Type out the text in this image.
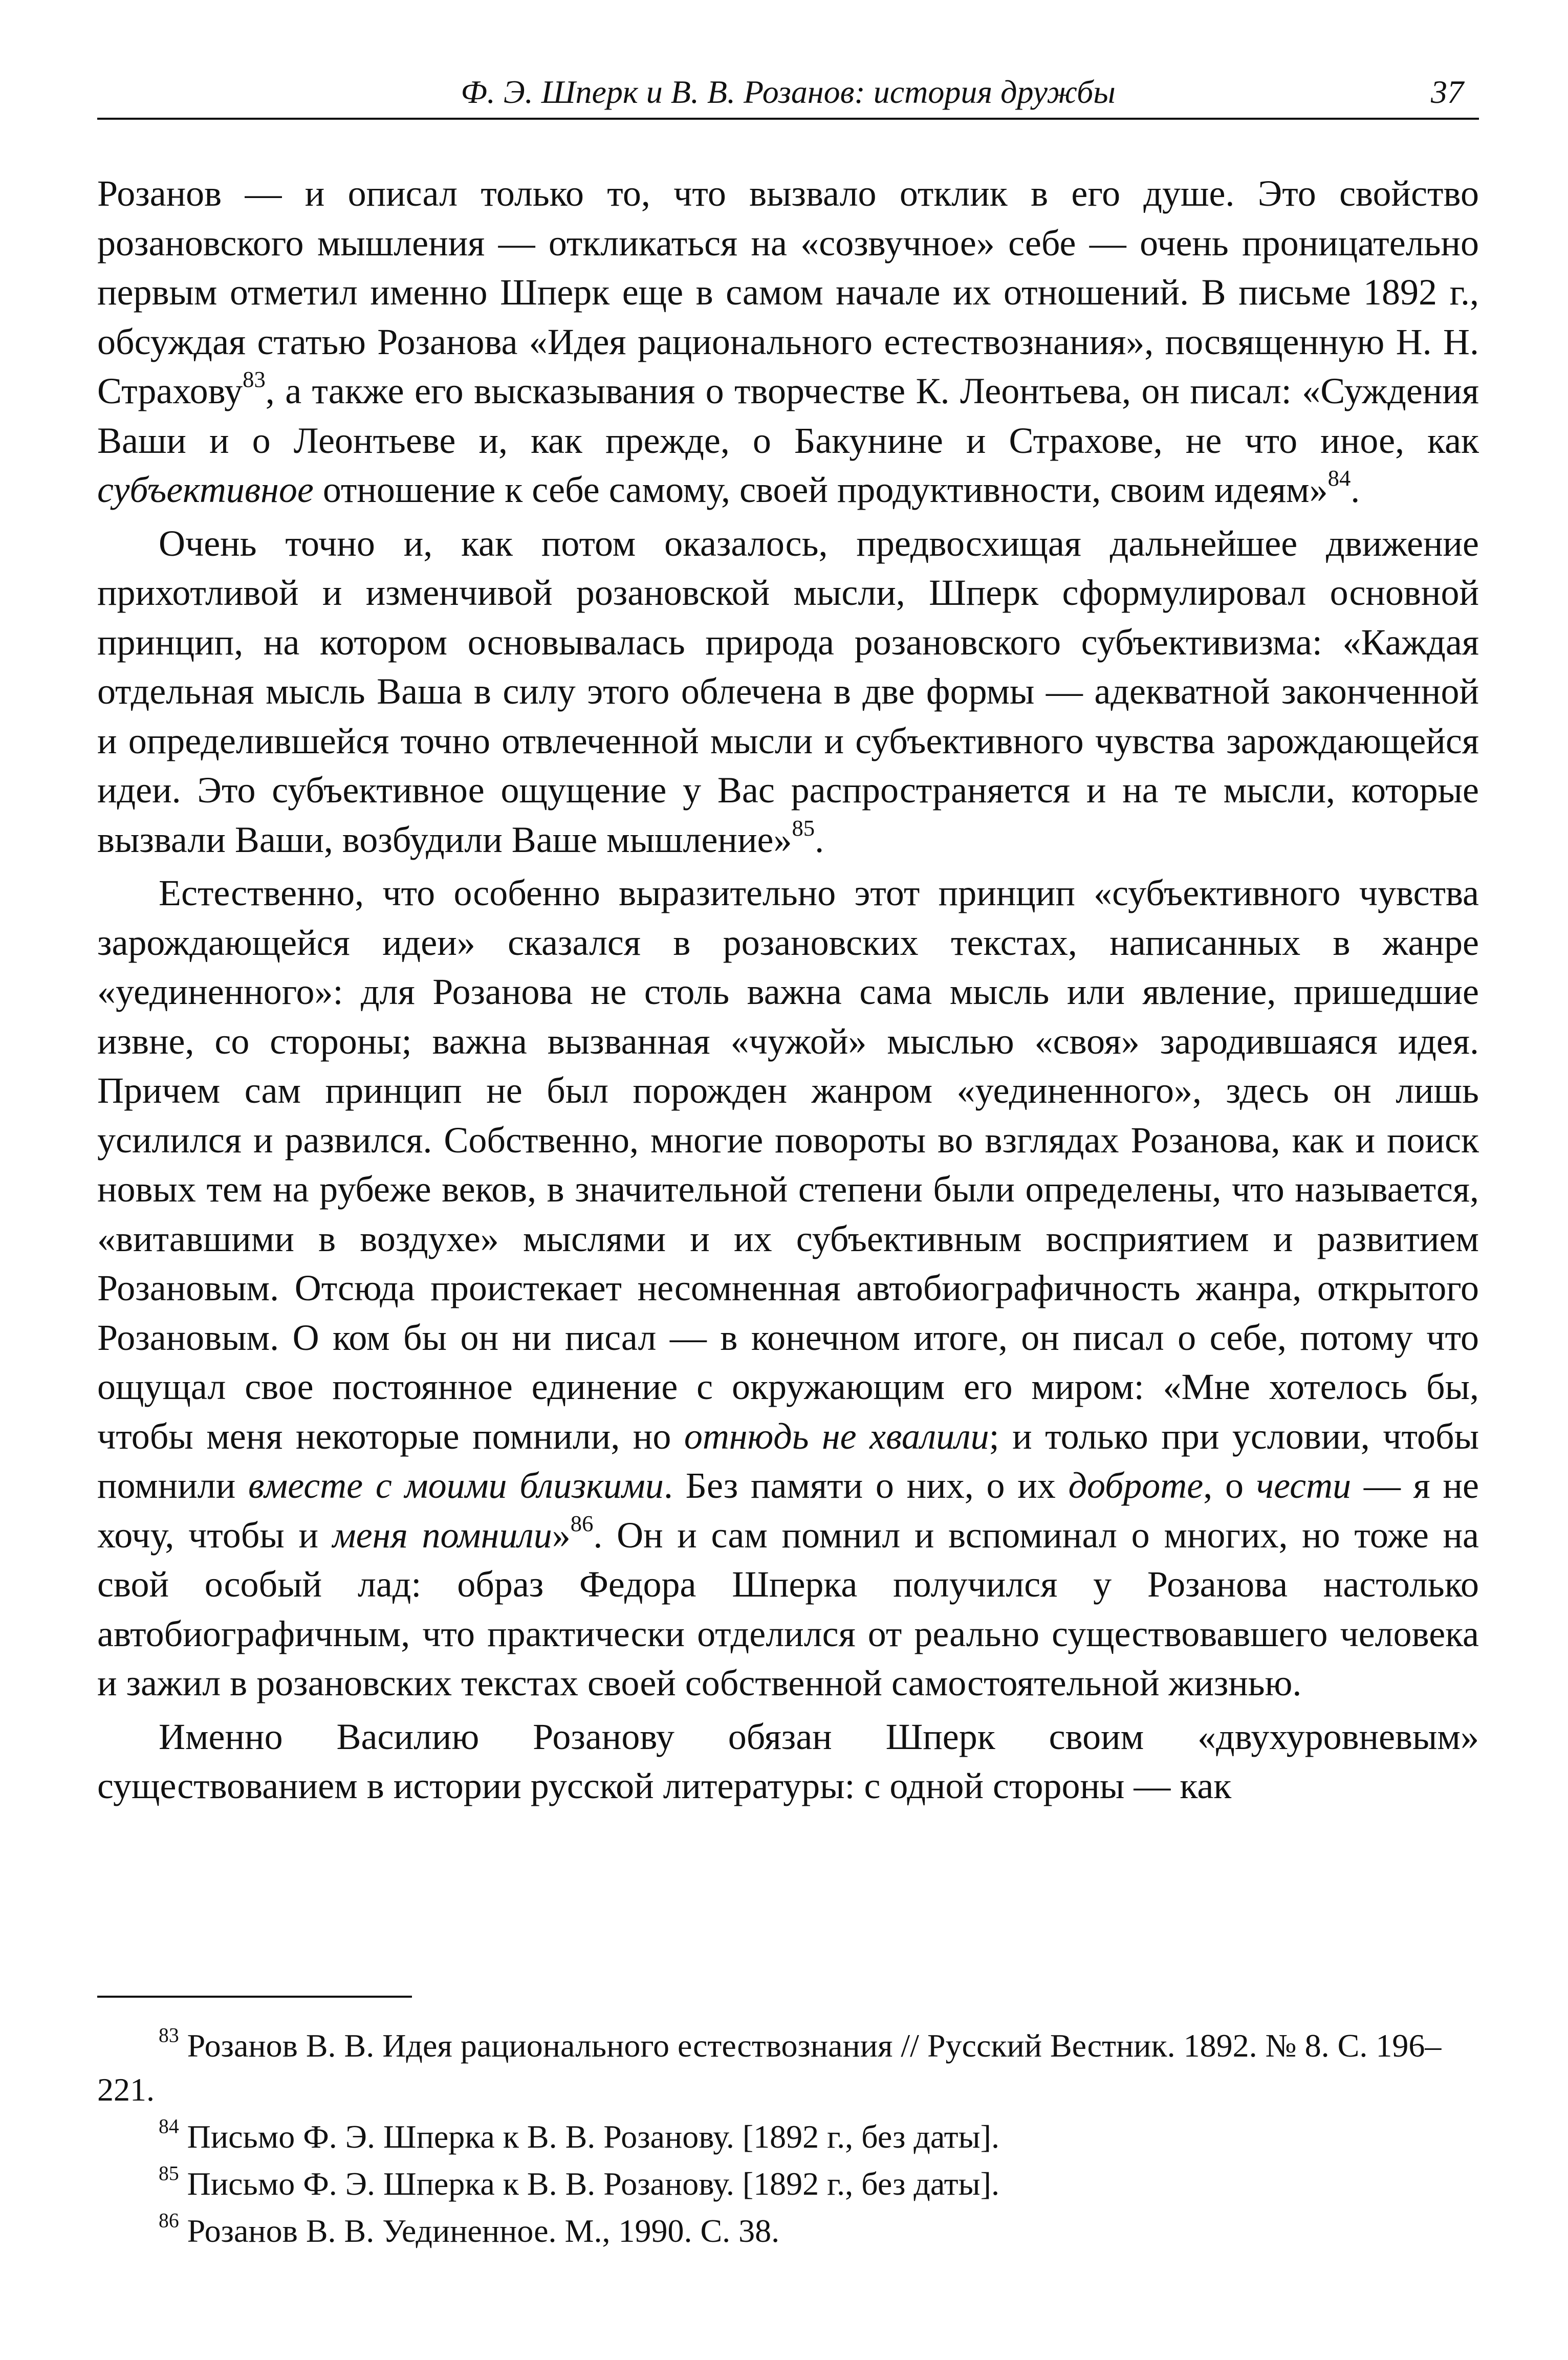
Ф. Э. Шперк и В. В. Розанов: история дружбы	37

Розанов — и описал только то, что вызвало отклик в его душе. Это свойство розановского мышления — откликаться на «созвучное» себе — очень проницательно первым отметил именно Шперк еще в самом начале их отношений. В письме 1892 г., обсуждая статью Розанова «Идея рационального естествознания», посвященную Н. Н. Страхову$^{83}$, а также его высказывания о творчестве К. Леонтьева, он писал: «Суждения Ваши и о Леонтьеве и, как прежде, о Бакунине и Страхове, не что иное, как субъективное отношение к себе самому, своей продуктивности, своим идеям»$^{84}$.

Очень точно и, как потом оказалось, предвосхищая дальнейшее движение прихотливой и изменчивой розановской мысли, Шперк сформулировал основной принцип, на котором основывалась природа розановского субъективизма: «Каждая отдельная мысль Ваша в силу этого облечена в две формы — адекватной законченной и определившейся точно отвлеченной мысли и субъективного чувства зарождающейся идеи. Это субъективное ощущение у Вас распространяется и на те мысли, которые вызвали Ваши, возбудили Ваше мышление»$^{85}$.

Естественно, что особенно выразительно этот принцип «субъективного чувства зарождающейся идеи» сказался в розановских текстах, написанных в жанре «уединенного»: для Розанова не столь важна сама мысль или явление, пришедшие извне, со стороны; важна вызванная «чужой» мыслью «своя» зародившаяся идея. Причем сам принцип не был порожден жанром «уединенного», здесь он лишь усилился и развился. Собственно, многие повороты во взглядах Розанова, как и поиск новых тем на рубеже веков, в значительной степени были определены, что называется, «витавшими в воздухе» мыслями и их субъективным восприятием и развитием Розановым. Отсюда проистекает несомненная автобиографичность жанра, открытого Розановым. О ком бы он ни писал — в конечном итоге, он писал о себе, потому что ощущал свое постоянное единение с окружающим его миром: «Мне хотелось бы, чтобы меня некоторые помнили, но отнюдь не хвалили; и только при условии, чтобы помнили вместе с моими близкими. Без памяти о них, о их доброте, о чести — я не хочу, чтобы и меня помнили»$^{86}$. Он и сам помнил и вспоминал о многих, но тоже на свой особый лад: образ Федора Шперка получился у Розанова настолько автобиографичным, что практически отделился от реально существовавшего человека и зажил в розановских текстах своей собственной самостоятельной жизнью.

Именно Василию Розанову обязан Шперк своим «двухуровневым» существованием в истории русской литературы: с одной стороны — как

$^{83}$ Розанов В. В. Идея рационального естествознания // Русский Вестник. 1892. № 8. С. 196–221.

$^{84}$ Письмо Ф. Э. Шперка к В. В. Розанову. [1892 г., без даты].

$^{85}$ Письмо Ф. Э. Шперка к В. В. Розанову. [1892 г., без даты].

$^{86}$ Розанов В. В. Уединенное. М., 1990. С. 38.
